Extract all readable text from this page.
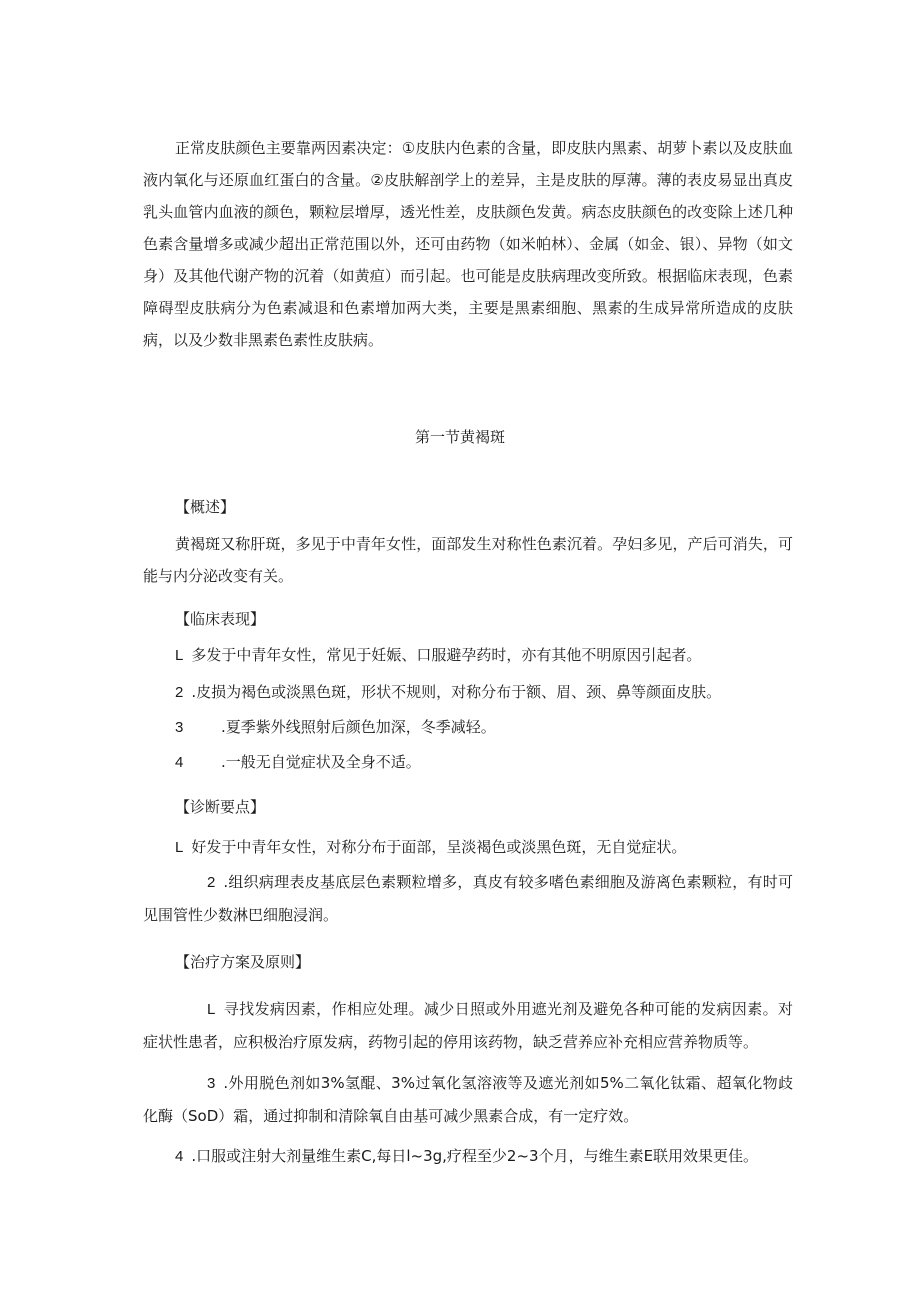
正常皮肤颜色主要靠两因素决定：①皮肤内色素的含量，即皮肤内黑素、胡萝卜素以及皮肤血液内氧化与还原血红蛋白的含量。②皮肤解剖学上的差异，主是皮肤的厚薄。薄的表皮易显出真皮乳头血管内血液的颜色，颗粒层增厚，透光性差，皮肤颜色发黄。病态皮肤颜色的改变除上述几种色素含量增多或减少超出正常范围以外，还可由药物（如米帕林）、金属（如金、银）、异物（如文身）及其他代谢产物的沉着（如黄疸）而引起。也可能是皮肤病理改变所致。根据临床表现，色素障碍型皮肤病分为色素减退和色素增加两大类，主要是黑素细胞、黑素的生成异常所造成的皮肤病，以及少数非黑素色素性皮肤病。

第一节黄褐斑

【概述】

黄褐斑又称肝斑，多见于中青年女性，面部发生对称性色素沉着。孕妇多见，产后可消失，可能与内分泌改变有关。

【临床表现】

L 多发于中青年女性，常见于妊娠、口服避孕药时，亦有其他不明原因引起者。

2 .皮损为褐色或淡黑色斑，形状不规则，对称分布于额、眉、颈、鼻等颜面皮肤。

3	.夏季紫外线照射后颜色加深，冬季减轻。

4	.一般无自觉症状及全身不适。

【诊断要点】

L 好发于中青年女性，对称分布于面部，呈淡褐色或淡黑色斑，无自觉症状。

2 .组织病理表皮基底层色素颗粒增多，真皮有较多嗜色素细胞及游离色素颗粒，有时可见围管性少数淋巴细胞浸润。

【治疗方案及原则】

L 寻找发病因素，作相应处理。减少日照或外用遮光剂及避免各种可能的发病因素。对症状性患者，应积极治疗原发病，药物引起的停用该药物，缺乏营养应补充相应营养物质等。

3 .外用脱色剂如3%氢醌、3%过氧化氢溶液等及遮光剂如5%二氧化钛霜、超氧化物歧化酶（SoD）霜，通过抑制和清除氧自由基可减少黑素合成，有一定疗效。

4 .口服或注射大剂量维生素C,每日l~3g,疗程至少2~3个月，与维生素E联用效果更佳。
